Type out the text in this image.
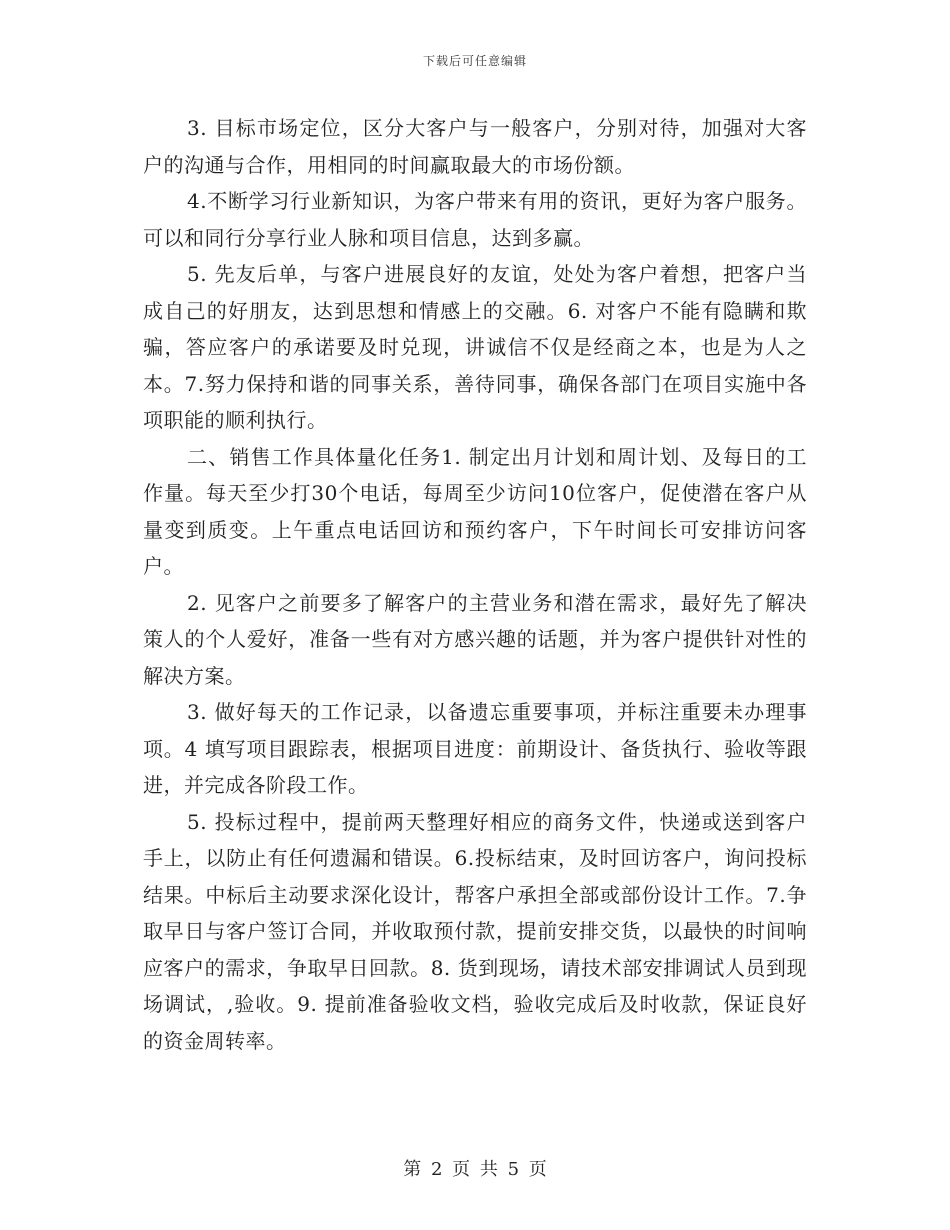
下载后可任意编辑

3. 目标市场定位，区分大客户与一般客户，分别对待，加强对大客户的沟通与合作，用相同的时间赢取最大的市场份额。

4.不断学习行业新知识，为客户带来有用的资讯，更好为客户服务。可以和同行分享行业人脉和项目信息，达到多赢。

5. 先友后单，与客户进展良好的友谊，处处为客户着想，把客户当成自己的好朋友，达到思想和情感上的交融。6. 对客户不能有隐瞒和欺骗，答应客户的承诺要及时兑现，讲诚信不仅是经商之本，也是为人之本。7.努力保持和谐的同事关系，善待同事，确保各部门在项目实施中各项职能的顺利执行。

二、销售工作具体量化任务1. 制定出月计划和周计划、及每日的工作量。每天至少打30个电话，每周至少访问10位客户，促使潜在客户从量变到质变。上午重点电话回访和预约客户，下午时间长可安排访问客户。

2. 见客户之前要多了解客户的主营业务和潜在需求，最好先了解决策人的个人爱好，准备一些有对方感兴趣的话题，并为客户提供针对性的解决方案。

3. 做好每天的工作记录，以备遗忘重要事项，并标注重要未办理事项。4 填写项目跟踪表，根据项目进度：前期设计、备货执行、验收等跟进，并完成各阶段工作。

5. 投标过程中，提前两天整理好相应的商务文件，快递或送到客户手上，以防止有任何遗漏和错误。6.投标结束，及时回访客户，询问投标结果。中标后主动要求深化设计，帮客户承担全部或部份设计工作。7.争取早日与客户签订合同，并收取预付款，提前安排交货，以最快的时间响应客户的需求，争取早日回款。8. 货到现场，请技术部安排调试人员到现场调试，,验收。9. 提前准备验收文档，验收完成后及时收款，保证良好的资金周转率。

第 2 页 共 5 页
